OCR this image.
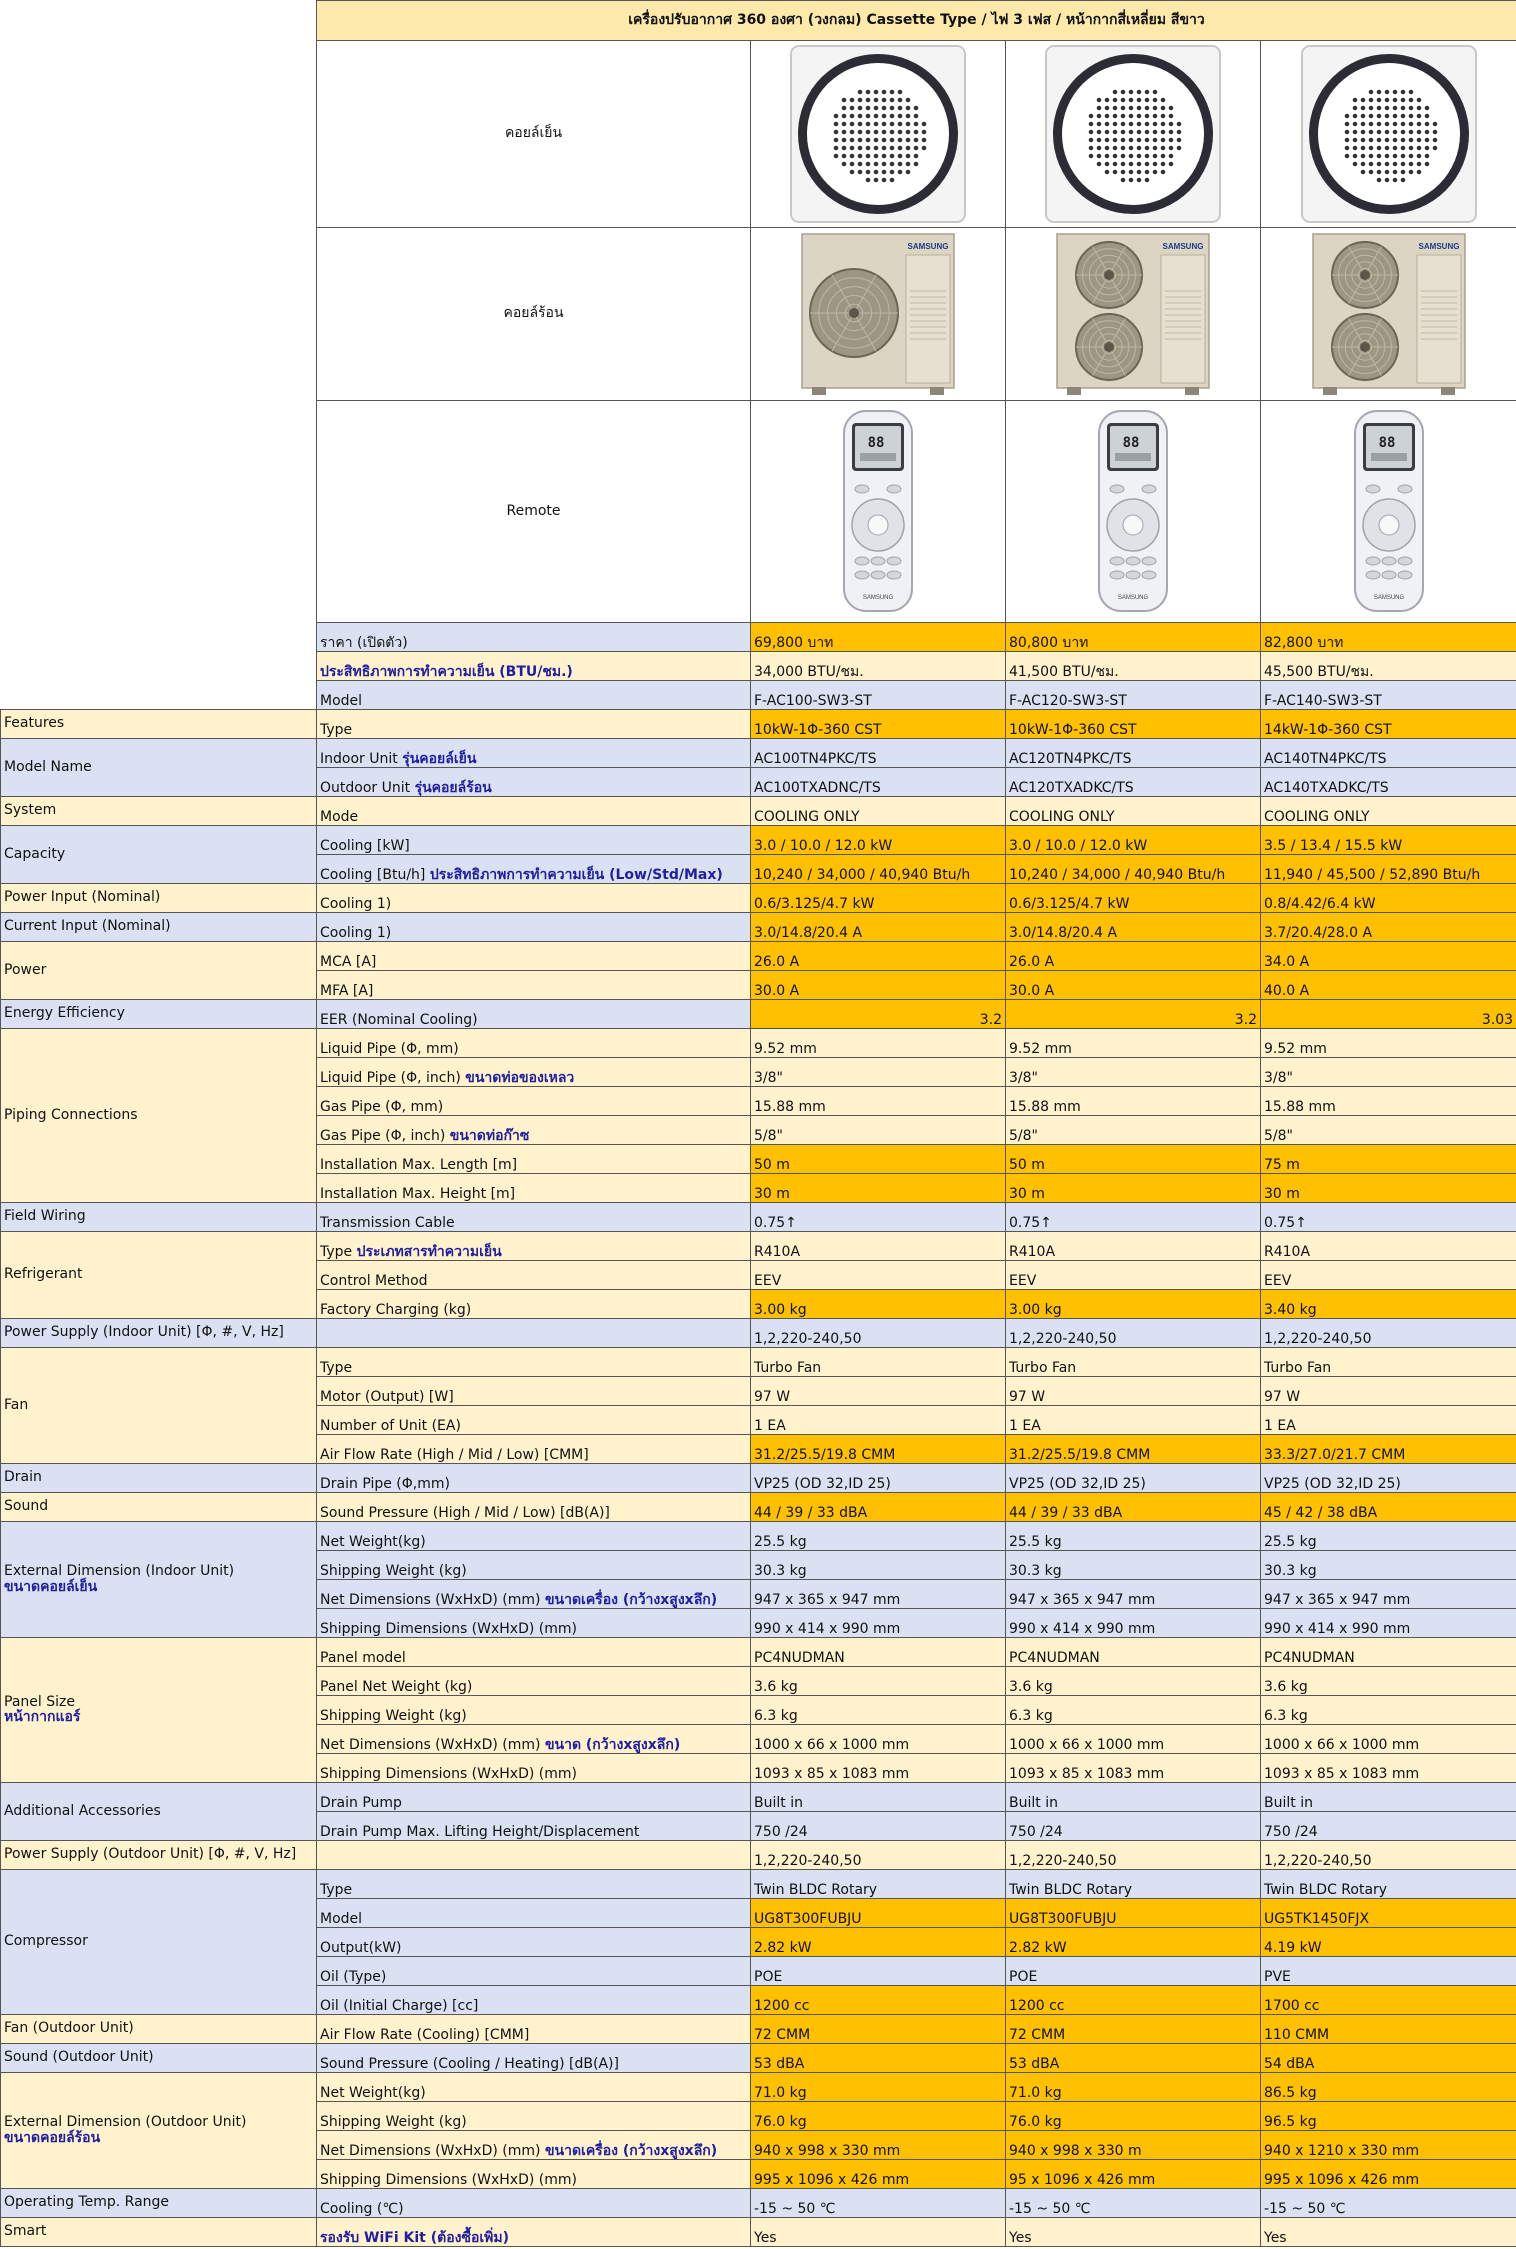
	เครื่องปรับอากาศ 360 องศา (วงกลม) Cassette Type / ไฟ 3 เฟส / หน้ากากสี่เหลี่ยม สีขาว			
	คอยล์เย็น	

	คอยล์ร้อน	SAMSUNG	SAMSUNG	SAMSUNG

	Remote	88
SAMSUNG	88
SAMSUNG	88
SAMSUNG

	ราคา (เปิดตัว)	69,800 บาท	80,800 บาท	82,800 บาท
	ประสิทธิภาพการทำความเย็น (BTU/ชม.)	34,000 BTU/ชม.	41,500 BTU/ชม.	45,500 BTU/ชม.
	Model	F-AC100-SW3-ST	F-AC120-SW3-ST	F-AC140-SW3-ST

Features	Type	10kW-1Φ-360 CST	10kW-1Φ-360 CST	14kW-1Φ-360 CST

Model Name	Indoor Unit รุ่นคอยล์เย็น	AC100TN4PKC/TS	AC120TN4PKC/TS	AC140TN4PKC/TS
	Outdoor Unit รุ่นคอยล์ร้อน	AC100TXADNC/TS	AC120TXADKC/TS	AC140TXADKC/TS

System	Mode	COOLING ONLY	COOLING ONLY	COOLING ONLY

Capacity	Cooling [kW]	3.0 / 10.0 / 12.0 kW	3.0 / 10.0 / 12.0 kW	3.5 / 13.4 / 15.5 kW
	Cooling [Btu/h] ประสิทธิภาพการทำความเย็น (Low/Std/Max)	10,240 / 34,000 / 40,940 Btu/h	10,240 / 34,000 / 40,940 Btu/h	11,940 / 45,500 / 52,890 Btu/h

Power Input (Nominal)	Cooling 1)	0.6/3.125/4.7 kW	0.6/3.125/4.7 kW	0.8/4.42/6.4 kW

Current Input (Nominal)	Cooling 1)	3.0/14.8/20.4 A	3.0/14.8/20.4 A	3.7/20.4/28.0 A

Power	MCA [A]	26.0 A	26.0 A	34.0 A
	MFA [A]	30.0 A	30.0 A	40.0 A

Energy Efficiency	EER (Nominal Cooling)	3.2	3.2	3.03

Piping Connections	Liquid Pipe (Φ, mm)	9.52 mm	9.52 mm	9.52 mm
	Liquid Pipe (Φ, inch) ขนาดท่อของเหลว	3/8"	3/8"	3/8"
	Gas Pipe (Φ, mm)	15.88 mm	15.88 mm	15.88 mm
	Gas Pipe (Φ, inch) ขนาดท่อก๊าซ	5/8"	5/8"	5/8"
	Installation Max. Length [m]	50 m	50 m	75 m
	Installation Max. Height [m]	30 m	30 m	30 m

Field Wiring	Transmission Cable	0.75↑	0.75↑	0.75↑

Refrigerant	Type ประเภทสารทำความเย็น	R410A	R410A	R410A
	Control Method	EEV	EEV	EEV
	Factory Charging (kg)	3.00 kg	3.00 kg	3.40 kg

Power Supply (Indoor Unit) [Φ, #, V, Hz]		1,2,220-240,50	1,2,220-240,50	1,2,220-240,50

Fan	Type	Turbo Fan	Turbo Fan	Turbo Fan
	Motor (Output) [W]	97 W	97 W	97 W
	Number of Unit (EA)	1 EA	1 EA	1 EA
	Air Flow Rate (High / Mid / Low) [CMM]	31.2/25.5/19.8 CMM	31.2/25.5/19.8 CMM	33.3/27.0/21.7 CMM

Drain	Drain Pipe (Φ,mm)	VP25 (OD 32,ID 25)	VP25 (OD 32,ID 25)	VP25 (OD 32,ID 25)

Sound	Sound Pressure (High / Mid / Low) [dB(A)]	44 / 39 / 33 dBA	44 / 39 / 33 dBA	45 / 42 / 38 dBA

External Dimension (Indoor Unit)
ขนาดคอยล์เย็น	Net Weight(kg)	25.5 kg	25.5 kg	25.5 kg
	Shipping Weight (kg)	30.3 kg	30.3 kg	30.3 kg
	Net Dimensions (WxHxD) (mm) ขนาดเครื่อง (กว้างxสูงxลึก)	947 x 365 x 947 mm	947 x 365 x 947 mm	947 x 365 x 947 mm
	Shipping Dimensions (WxHxD) (mm)	990 x 414 x 990 mm	990 x 414 x 990 mm	990 x 414 x 990 mm

Panel Size
หน้ากากแอร์	Panel model	PC4NUDMAN	PC4NUDMAN	PC4NUDMAN
	Panel Net Weight (kg)	3.6 kg	3.6 kg	3.6 kg
	Shipping Weight (kg)	6.3 kg	6.3 kg	6.3 kg
	Net Dimensions (WxHxD) (mm) ขนาด (กว้างxสูงxลึก)	1000 x 66 x 1000 mm	1000 x 66 x 1000 mm	1000 x 66 x 1000 mm
	Shipping Dimensions (WxHxD) (mm)	1093 x 85 x 1083 mm	1093 x 85 x 1083 mm	1093 x 85 x 1083 mm

Additional Accessories	Drain Pump	Built in	Built in	Built in
	Drain Pump Max. Lifting Height/Displacement	750 /24	750 /24	750 /24

Power Supply (Outdoor Unit) [Φ, #, V, Hz]		1,2,220-240,50	1,2,220-240,50	1,2,220-240,50

Compressor	Type	Twin BLDC Rotary	Twin BLDC Rotary	Twin BLDC Rotary
	Model	UG8T300FUBJU	UG8T300FUBJU	UG5TK1450FJX
	Output(kW)	2.82 kW	2.82 kW	4.19 kW
	Oil (Type)	POE	POE	PVE
	Oil (Initial Charge) [cc]	1200 cc	1200 cc	1700 cc

Fan (Outdoor Unit)	Air Flow Rate (Cooling) [CMM]	72 CMM	72 CMM	110 CMM

Sound (Outdoor Unit)	Sound Pressure (Cooling / Heating) [dB(A)]	53 dBA	53 dBA	54 dBA

External Dimension (Outdoor Unit)
ขนาดคอยล์ร้อน	Net Weight(kg)	71.0 kg	71.0 kg	86.5 kg
	Shipping Weight (kg)	76.0 kg	76.0 kg	96.5 kg
	Net Dimensions (WxHxD) (mm) ขนาดเครื่อง (กว้างxสูงxลึก)	940 x 998 x 330 mm	940 x 998 x 330 m	940 x 1210 x 330 mm
	Shipping Dimensions (WxHxD) (mm)	995 x 1096 x 426 mm	95 x 1096 x 426 mm	995 x 1096 x 426 mm

Operating Temp. Range	Cooling (℃)	-15 ~ 50 ℃	-15 ~ 50 ℃	-15 ~ 50 ℃

Smart	รองรับ WiFi Kit (ต้องซื้อเพิ่ม)	Yes	Yes	Yes
